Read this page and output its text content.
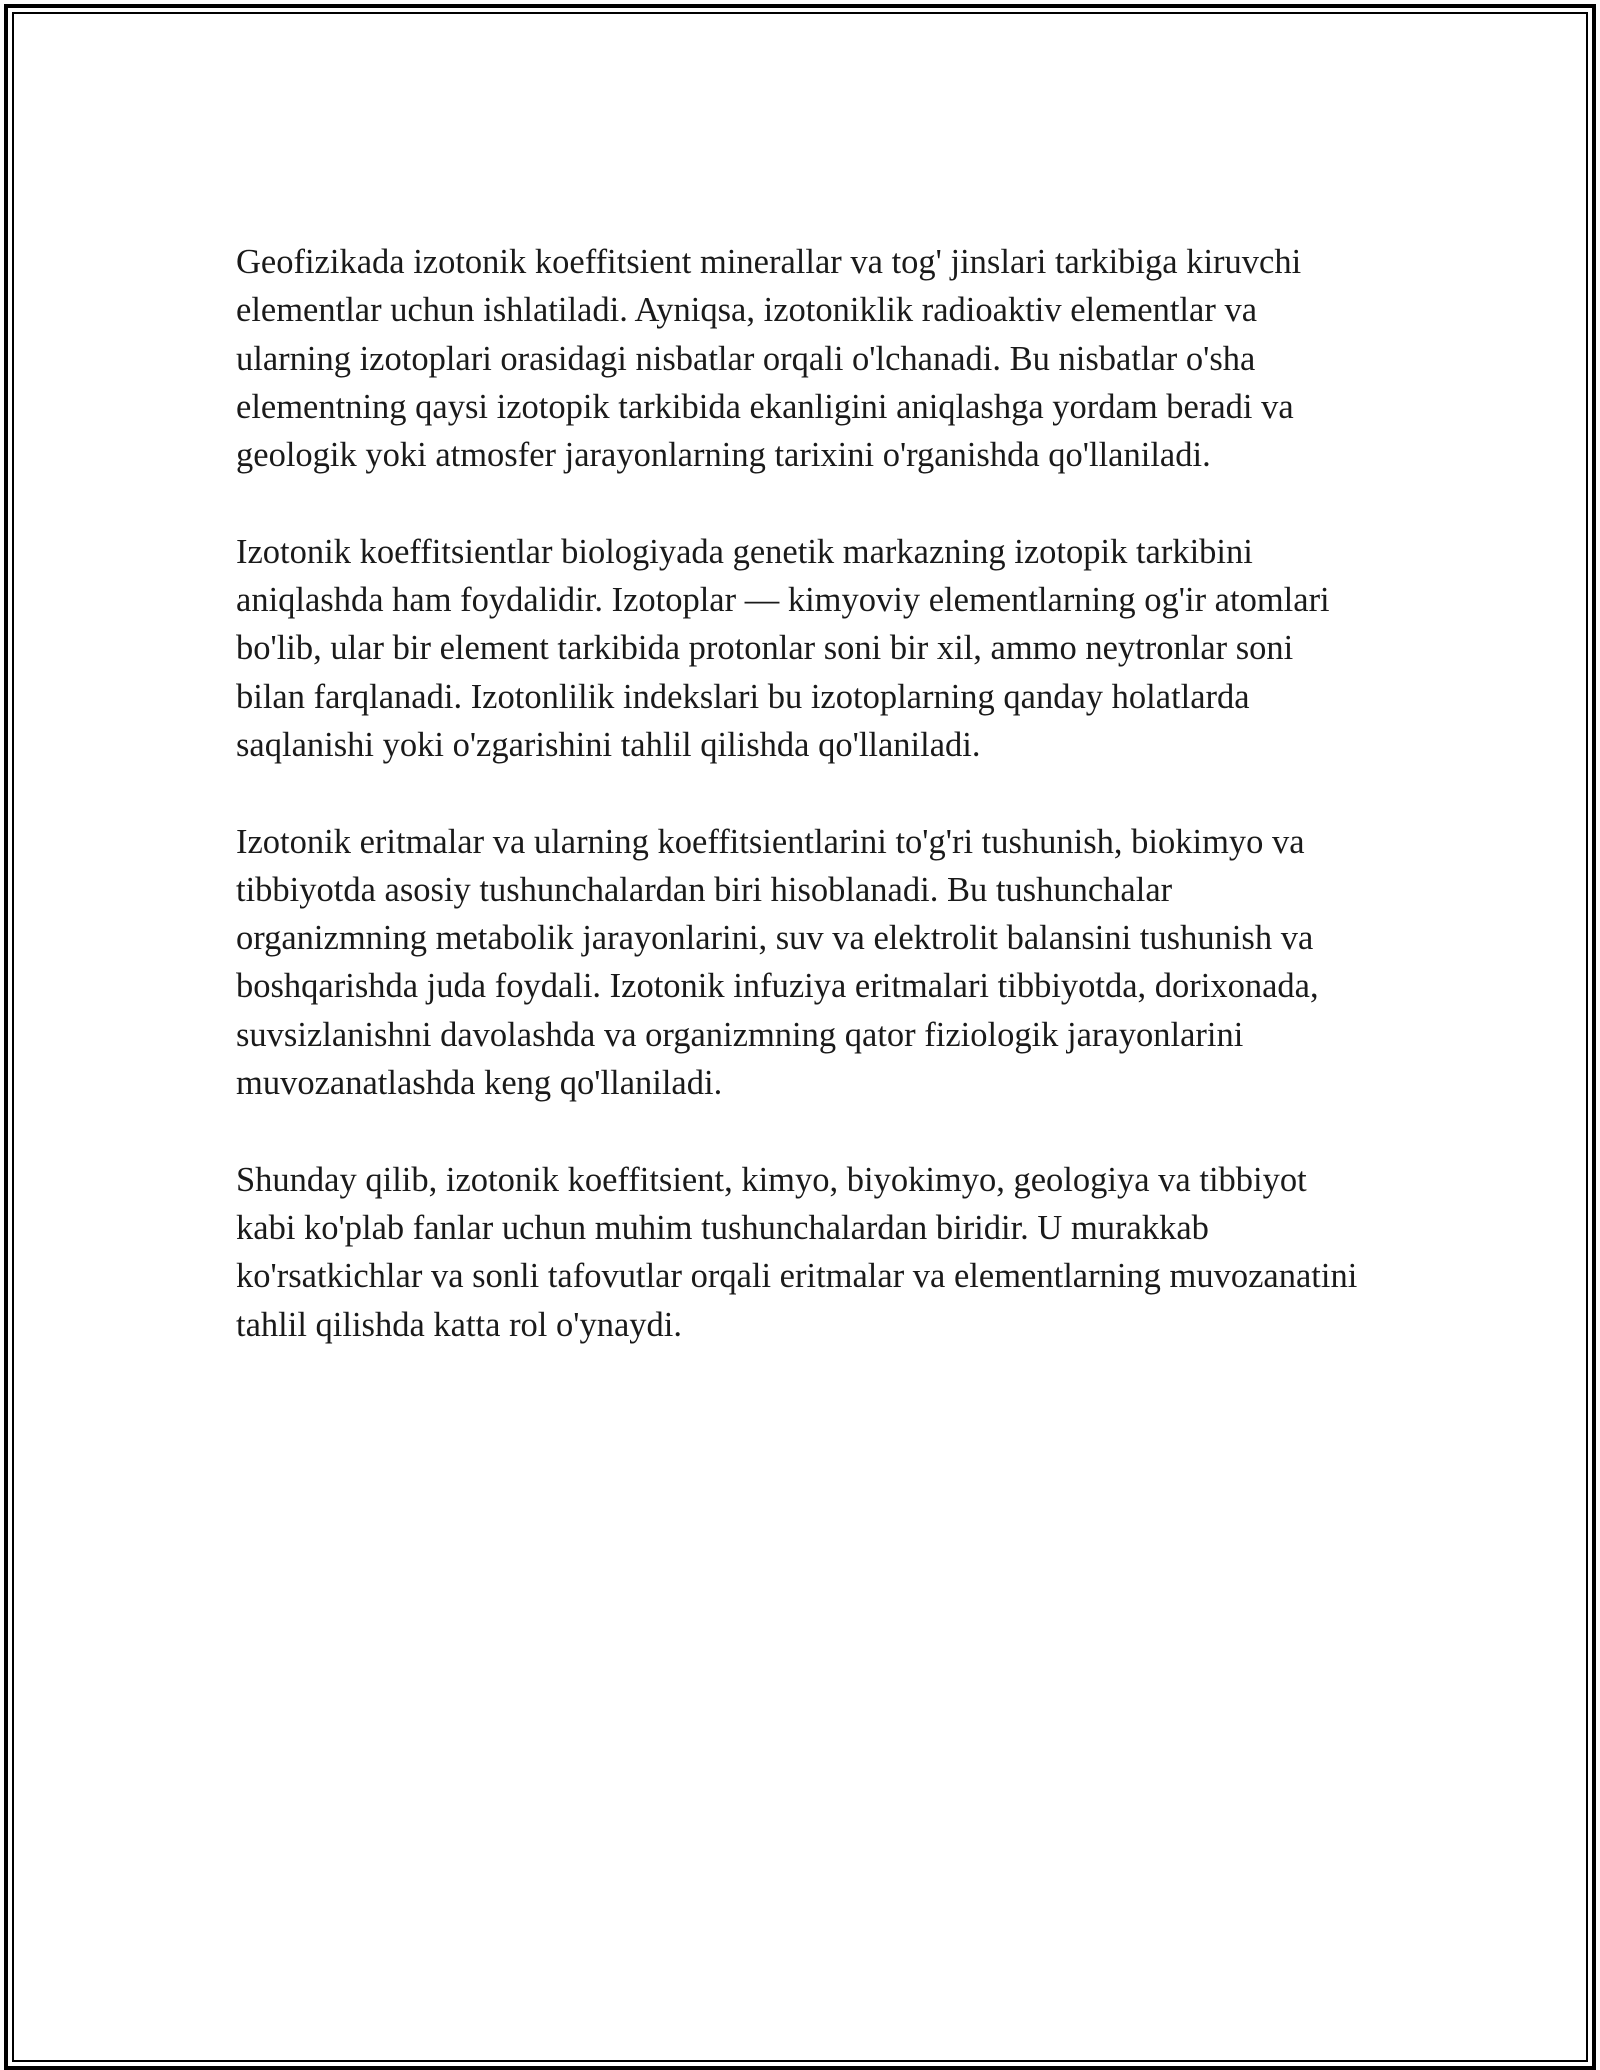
Geofizikada izotonik koeffitsient minerallar va tog' jinslari tarkibiga kiruvchi elementlar uchun ishlatiladi. Ayniqsa, izotoniklik radioaktiv elementlar va ularning izotoplari orasidagi nisbatlar orqali o'lchanadi. Bu nisbatlar o'sha elementning qaysi izotopik tarkibida ekanligini aniqlashga yordam beradi va geologik yoki atmosfer jarayonlarning tarixini o'rganishda qo'llaniladi.

Izotonik koeffitsientlar biologiyada genetik markazning izotopik tarkibini aniqlashda ham foydalidir. Izotoplar — kimyoviy elementlarning og'ir atomlari bo'lib, ular bir element tarkibida protonlar soni bir xil, ammo neytronlar soni bilan farqlanadi. Izotonlilik indekslari bu izotoplarning qanday holatlarda saqlanishi yoki o'zgarishini tahlil qilishda qo'llaniladi.

Izotonik eritmalar va ularning koeffitsientlarini to'g'ri tushunish, biokimyo va tibbiyotda asosiy tushunchalardan biri hisoblanadi. Bu tushunchalar organizmning metabolik jarayonlarini, suv va elektrolit balansini tushunish va boshqarishda juda foydali. Izotonik infuziya eritmalari tibbiyotda, dorixonada, suvsizlanishni davolashda va organizmning qator fiziologik jarayonlarini muvozanatlashda keng qo'llaniladi.

Shunday qilib, izotonik koeffitsient, kimyo, biyokimyo, geologiya va tibbiyot kabi ko'plab fanlar uchun muhim tushunchalardan biridir. U murakkab ko'rsatkichlar va sonli tafovutlar orqali eritmalar va elementlarning muvozanatini tahlil qilishda katta rol o'ynaydi.
